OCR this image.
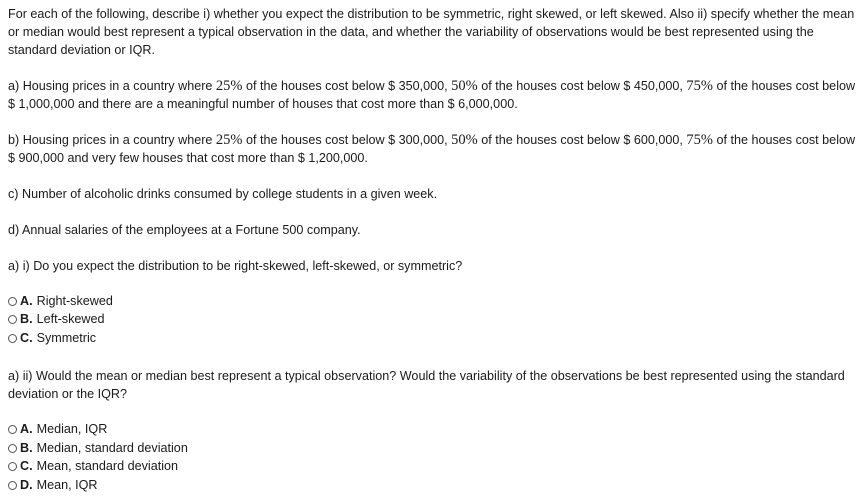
For each of the following, describe i) whether you expect the distribution to be symmetric, right skewed, or left skewed. Also ii) specify whether the mean or median would best represent a typical observation in the data, and whether the variability of observations would be best represented using the standard deviation or IQR.

a) Housing prices in a country where 25% of the houses cost below $ 350,000, 50% of the houses cost below $ 450,000, 75% of the houses cost below $ 1,000,000 and there are a meaningful number of houses that cost more than $ 6,000,000.

b) Housing prices in a country where 25% of the houses cost below $ 300,000, 50% of the houses cost below $ 600,000, 75% of the houses cost below $ 900,000 and very few houses that cost more than $ 1,200,000.

c) Number of alcoholic drinks consumed by college students in a given week.

d) Annual salaries of the employees at a Fortune 500 company.

a) i) Do you expect the distribution to be right-skewed, left-skewed, or symmetric?

A. Right-skewed
B. Left-skewed
C. Symmetric

a) ii) Would the mean or median best represent a typical observation? Would the variability of the observations be best represented using the standard deviation or the IQR?

A. Median, IQR
B. Median, standard deviation
C. Mean, standard deviation
D. Mean, IQR
